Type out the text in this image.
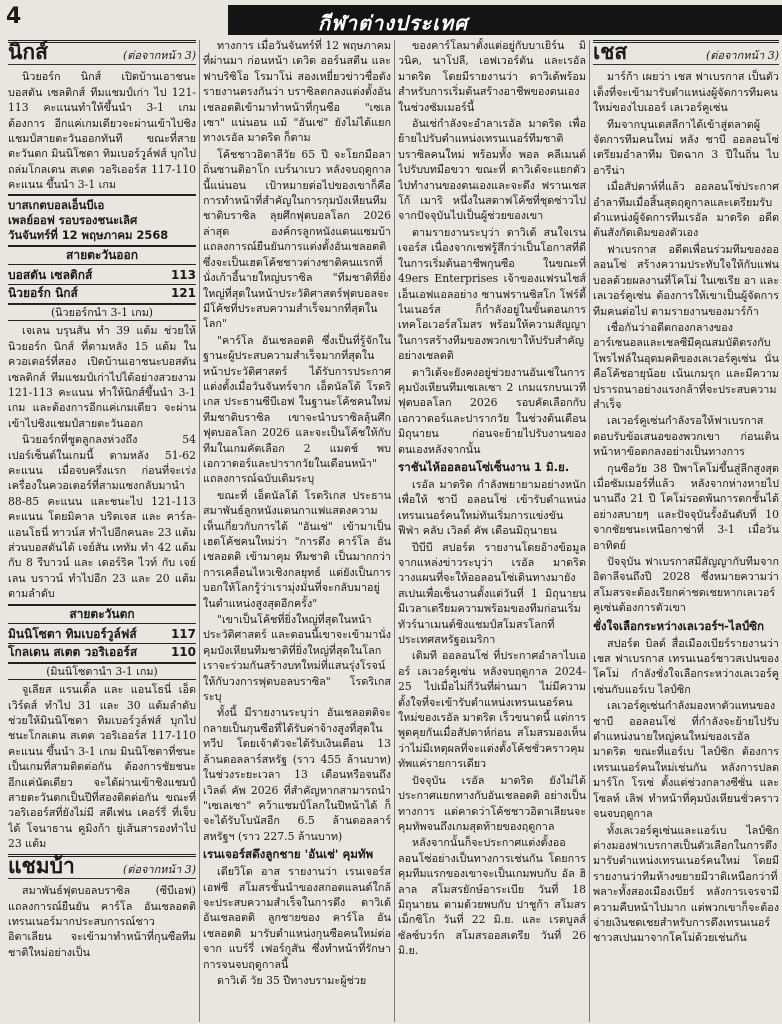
4	กีฬาต่างประเทศ
นิกส์	(ต่อจากหน้า 3)

นิวยอร์ก นิกส์ เปิดบ้านเอาชนะบอสตัน เซลติกส์ ทีมแชมป์เก่า ไป 121-113 คะแนนทำให้ขึ้นนำ 3-1 เกมต้องการ อีกแค่เกมเดียวจะผ่านเข้าไปชิงแชมป์สายตะวันออกทันที ขณะที่สายตะวันตก มินนิโซตา ทิมเบอร์วูล์ฟส์ บุกไปถล่มโกลเดน สเตต วอริเออร์ส 117-110 คะแนน ขึ้นนำ 3-1 เกม

บาสเกตบอลเอ็นบีเอ
เพลย์ออฟ รอบรองชนะเลิศ
วันจันทร์ที่ 12 พฤษภาคม 2568
สายตะวันออก
บอสตัน เซลติกส์	113
นิวยอร์ก นิกส์	121
(นิวยอร์กนำ 3-1 เกม)

เจเลน บรุนสัน ทำ 39 แต้ม ช่วยให้นิวยอร์ก นิกส์ ที่ตามหลัง 15 แต้ม ในควอเตอร์ที่สอง เปิดบ้านเอาชนะบอสตัน เซลติกส์ ทีมแชมป์เก่าไปได้อย่างสวยงาม 121-113 คะแนน ทำให้นิกส์ขึ้นนำ 3-1 เกม และต้องการอีกแค่เกมเดียว จะผ่านเข้าไปชิงแชมป์สายตะวันออก

นิวยอร์กที่ชูตลูกลงห่วงถึง 54 เปอร์เซ็นต์ในเกมนี้ ตามหลัง 51-62 คะแนน เมื่อจบครึ่งแรก ก่อนที่จะเร่งเครื่องในควอเตอร์ที่สามแซงกลับมานำ 88-85 คะแนน และชนะไป 121-113 คะแนน โดยมิคาล บริดเจส และ คาร์ล-แอนโธนี่ ทาวน์ส ทำไปอีกคนละ 23 แต้ม ส่วนบอสตันได้ เจย์สัน เททัม ทำ 42 แต้ม กับ 8 รีบาวน์ และ เดอร์ริค ไวท์ กับ เจย์เลน บราวน์ ทำไปอีก 23 และ 20 แต้ม ตามลำดับ

สายตะวันตก
มินนิโซตา ทิมเบอร์วูล์ฟส์	117
โกลเดน สเตต วอริเออร์ส	110
(มินนิโซตานำ 3-1 เกม)

จูเลียส แรนเดิ้ล และ แอนโธนี่ เอ็ดเวิร์ดส์ ทำไป 31 และ 30 แต้มลำดับ ช่วยให้มินนิโซตา ทิมเบอร์วูล์ฟส์ บุกไปชนะโกลเดน สเตต วอริเออร์ส 117-110 คะแนน ขึ้นนำ 3-1 เกม มินนิโซตาที่ชนะเป็นเกมที่สามติดต่อกัน ต้องการชัยชนะอีกแค่นัดเดียว จะได้ผ่านเข้าชิงแชมป์สายตะวันตกเป็นปีที่สองติดต่อกัน ขณะที่วอริเออร์สที่ยังไม่มี สตีเฟน เคอร์รี่ ที่เจ็บ ได้ โจนาธาน คูมิงก้า ยู่เส้นสารองทำไป 23 แต้ม

แชมบ้า	(ต่อจากหน้า 3)

สมาพันธ์ฟุตบอลบราซิล (ซีบีเอฟ) แถลงการณ์ยืนยัน คาร์โล อันเชลอตติ เทรนเนอร์มากประสบการณ์ชาวอิตาเลียน จะเข้ามาทำหน้าที่กุนซือทีมชาติใหม่อย่างเป็น

ทางการ เมื่อวันจันทร์ที่ 12 พฤษภาคมที่ผ่านมา ก่อนหน้า เดวิด ออร์นสตีน และ ฟาบริซิโอ โรมาโน่ สองเหยี่ยวข่าวชื่อดังรายงานตรงกันว่า บราซิลตกลงแต่งตั้งอันเชลอตติเข้ามาทำหน้าที่กุนซือ "เซเลเซา" แน่นอน แม้ "อันเช่" ยังไม่ได้แยกทางเรอัล มาดริด ก็ตาม

โค้ชชาวอิตาลีวัย 65 ปี จะโยกมือลาถิ่นซานติอาโก เบร์นาเบว หลังจบฤดูกาลนี้แน่นอน เป้าหมายต่อไปของเขาก็คือการทำหน้าที่สำคัญในการกุมบังเหียนทีมชาติบราซิล ลุยศึกฟุตบอลโลก 2026 ล่าสุด องค์กรลูกหนังแดนแซมบ้าแถลงการณ์ยืนยันการแต่งตั้งอันเชลอตติ ซึ่งจะเป็นเฮดโค้ชชาวต่างชาติคนแรกที่นั่งเก้าอี้นายใหญ่บราซิล "ทีมชาติที่ยิ่งใหญ่ที่สุดในหน้าประวัติศาสตร์ฟุตบอลจะมีโค้ชที่ประสบความสำเร็จมากที่สุดในโลก"

"คาร์โล อันเชลอตติ ซึ่งเป็นที่รู้จักในฐานะผู้ประสบความสำเร็จมากที่สุดในหน้าประวัติศาสตร์ ได้รับการประกาศแต่งตั้งเมื่อวันจันทร์จาก เอ็ดนัลโด้ โรดริเกส ประธานซีบีเอฟ ในฐานะโค้ชคนใหม่ทีมชาติบราซิล เขาจะนำบราซิลลุ้นศึกฟุตบอลโลก 2026 และจะเป็นโค้ชให้กับทีมในเกมคัดเลือก 2 แมตช์ พบเอกวาดอร์และปารากวัยในเดือนหน้า" แถลงการณ์ฉบับเดิมระบุ

ขณะที่ เอ็ดนัลโด้ โรดริเกส ประธานสมาพันธ์ลูกหนังแดนกาแฟแสดงความเห็นเกี่ยวกับการได้ "อันเช่" เข้ามาเป็นเฮดโค้ชคนใหม่ว่า "การดึง คาร์โล อันเชลอตติ เข้ามาคุม ทีมชาติ เป็นมากกว่าการเคลื่อนไหวเชิงกลยุทธ์ แต่ยังเป็นการบอกให้โลกรู้ว่าเรามุ่งมั่นที่จะกลับมาอยู่ในตำแหน่งสูงสุดอีกครั้ง"

"เขาเป็นโค้ชที่ยิ่งใหญ่ที่สุดในหน้าประวัติศาสตร์ และตอนนี้เขาจะเข้ามานั่งคุมบังเหียนทีมชาติที่ยิ่งใหญ่ที่สุดในโลก เราจะร่วมกันสร้างบทใหม่ที่แสนรุ่งโรจน์ให้กับวงการฟุตบอลบราซิล" โรดริเกสระบุ

ทั้งนี้ มีรายงานระบุว่า อันเชลอตติจะกลายเป็นกุนซือที่ได้รับค่าจ้างสูงที่สุดในทวีป โดยเจ้าตัวจะได้รับเงินเดือน 13 ล้านดอลลาร์สหรัฐ (ราว 455 ล้านบาท) ในช่วงระยะเวลา 13 เดือนหรือจนถึงเวิลด์ คัพ 2026 ที่สำคัญหากสามารถนำ "เซเลเซา" คว้าแชมป์โลกในปีหน้าได้ ก็จะได้รับโบนัสอีก 6.5 ล้านดอลลาร์สหรัฐฯ (ราว 227.5 ล้านบาท)

เรนเจอร์สดึงลูกชาย 'อันเช่' คุมทัพ

เดียวิโด อาส รายงานว่า เรนเจอร์ส เอฟซี สโมสรชั้นนำของสกอตแลนด์ใกล้จะประสบความสำเร็จในการดึง ดาวิเด้ อันเชลอตติ ลูกชายของ คาร์โล อันเชลอตติ มารับตำแหน่งกุนซือคนใหม่ต่อจาก แบร์รี่ เฟอร์กูสัน ซึ่งทำหน้าที่รักษาการจนจบฤดูกาลนี้

ดาวิเด้ วัย 35 ปีทางบรามะผู้ช่วย

ของคาร์โลมาตั้งแต่อยู่กับบาเยิร์น มิวนิค, นาโปลี, เอฟเวอร์ตัน และเรอัล มาดริด โดยมีรายงานว่า ดาวิเด้พร้อมสำหรับการเริ่มต้นสร้างอาชีพของตนเองในช่วงซัมเมอร์นี้

อันเช่กำลังจะอำลาเรอัล มาดริด เพื่อย้ายไปรับตำแหน่งเทรนเนอร์ทีมชาติบราซิลคนใหม่ พร้อมทั้ง พอล คลีเมนต์ ไปรับบทมือขวา ขณะที่ ดาวิเด้จะแยกตัวไปทำงานของตนเองและจะดึง ฟรานเชสโก้ เมาริ หนึ่งในสตาฟโค้ชที่ชุดซ่าวไปจากปัจจุบันไปเป็นผู้ช่วยของเขา

ตามรายงานระบุว่า ดาวิเด้ สนใจเรนเจอร์ส เนื่องจากเชฟรู้สึกว่าเป็นโอกาสที่ดีในการเริ่มต้นอาชีพกุนซือ ในขณะที่ 49ers Enterprises เจ้าของแฟรนไชส์เอ็นเอฟแอลอย่าง ซานฟรานซิสโก โฟร์ตี้ไนเนอร์ส ก็กำลังอยู่ในขั้นตอนการเทคโอเวอร์สโมสร พร้อมให้ความสัญญาในการสร้างทีมของพวกเขาให้ปรับสำคัญอย่างเชลตติ

ดาวิเด้จะยังคงอยู่ช่วยงานอันเช่ในการคุมบังเหียนทีมเซเลเซา 2 เกมแรกบนเวทีฟุตบอลโลก 2026 รอบคัดเลือกกับเอกวาดอร์และปารากวัย ในช่วงต้นเดือนมิถุนายน ก่อนจะย้ายไปรับงานของตนเองหลังจากนั้น

ราชันไห้ออลอนโซ่เซ็นงาน 1 มิ.ย.

เรอัล มาดริด กำลังพยายามอย่างหนักเพื่อให้ ชาบี อลอนโซ่ เข้ารับตำแหน่งเทรนเนอร์คนใหม่ทันเริ่มการแข่งขัน ฟีฟ่า คลับ เวิลด์ คัพ เดือนมิถุนายน

ปีบีบี สปอร์ต รายงานโดยอ้างข้อมูลจากแหล่งข่าวระบุว่า เรอัล มาดริด วางแผนที่จะให้ออลอนโซ่เดินทางมายังสเปนเพื่อเซ็นงานตั้งแต่วันที่ 1 มิถุนายน มีเวลาเตรียมความพร้อมของทีมก่อนเริ่มทัวร์นาเมนต์ชิงแชมป์สโมสรโลกที่ประเทศสหรัฐอเมริกา

เดิมที ออลอนโซ่ ที่ประกาศอำลาไบเออร์ เลเวอร์คูเซ่น หลังจบฤดูกาล 2024-25 ไปเมื่อไม่กี่วันที่ผ่านมา ไม่มีความตั้งใจที่จะเข้ารับตำแหน่งเทรนเนอร์คนใหม่ของเรอัล มาดริด เร็วขนาดนี้ แต่การพูดคุยกันเมื่อสัปดาห์ก่อน สโมสรมองเห็นว่าไม่มีเหตุผลที่จะแต่งตั้งโค้ชชั่วคราวคุมทัพแค่รายการเดียว

ปัจจุบัน เรอัล มาดริด ยังไม่ได้ประกาศแยกทางกับอันเชลอตติ อย่างเป็นทางการ แต่คาดว่าโค้ชชาวอิตาเลียนจะคุมทัพจนถึงเกมสุดท้ายของฤดูกาล

หลังจากนั้นก็จะประกาศแต่งตั้งออลอนโซ่อย่างเป็นทางการเช่นกัน โดยการคุมทีมแรกของเขาจะเป็นเกมพบกับ อัล ฮิลาล สโมสรยักษ์อาระเบีย วันที่ 18 มิถุนายน ตามด้วยพบกับ ปาชูก้า สโมสรเม็กซิโก วันที่ 22 มิ.ย. และ เรดบูลส์ ซัลซ์บวร์ก สโมสรออสเตรีย วันที่ 26 มิ.ย.

เชส	(ต่อจากหน้า 3)

มาร์ก้า เผยว่า เชส ฟาเบรกาส เป็นตัวเต็งที่จะเข้ามารับตำแหน่งผู้จัดการทีมคนใหม่ของไบเออร์ เลเวอร์คูเซ่น

ทีมจากบุนเดสลีกาได้เข้าสู่ตลาดผู้จัดการทีมคนใหม่ หลัง ชาบี ออลอนโซ่ เตรียมอำลาทีม ปิดฉาก 3 ปีในถิ่น ไบ อารีน่า

เมื่อสัปดาห์ที่แล้ว ออลอนโซ่ประกาศอำลาทีมเมื่อสิ้นสุดฤดูกาลและเตรียมรับตำแหน่งผู้จัดการทีมเรอัล มาดริด อดีตต้นสังกัดเดิมของตัวเอง

ฟาเบรกาส อดีตเพื่อนร่วมทีมของออลอนโซ่ สร้างความประทับใจให้กับแฟนบอลด้วยผลงานที่โคโม่ ในเซเรีย อา และเลเวอร์คูเซ่น ต้องการให้เขาเป็นผู้จัดการทีมคนต่อไป ตามรายงานของมาร์ก้า

เชื่อกันว่าอดีตกองกลางของอาร์เซนอลและเชลซีมีคุณสมบัติตรงกับโพรไฟล์ในอุดมคติของเลเวอร์คูเซ่น นั่นคือโค้ชอายุน้อย เน้นเกมรุก และมีความปรารถนาอย่างแรงกล้าที่จะประสบความสำเร็จ

เลเวอร์คูเซ่นกำลังรอให้ฟาเบรกาสตอบรับข้อเสนอของพวกเขา ก่อนเดินหน้าหาข้อตกลงอย่างเป็นทางการ

กุนซือวัย 38 ปีพาโคโม่ขึ้นสู่ลีกสูงสุดเมื่อซัมเมอร์ที่แล้ว หลังจากห่างหายไปนานถึง 21 ปี โคโม่รอดพ้นการตกชั้นได้อย่างสบายๆ และปัจจุบันรั้งอันดับที่ 10 จากชัยชนะเหนือกาซ่าที่ 3-1 เมื่อวันอาทิตย์

ปัจจุบัน ฟาเบรกาสมีสัญญากับทีมจากอิตาลีจนถึงปี 2028 ซึ่งหมายความว่าสโมสรจะต้องเรียกค่าชดเชยหากเลเวอร์คูเซ่นต้องการตัวเขา

ชั่งใจเลือกระหว่างเลเวอร์ฯ-ไลป์ซิก

สปอร์ต บิลด์ สื่อเมืองเบียร์รายงานว่า เชส ฟาเบรกาส เทรนเนอร์ชาวสเปนของโคโม่ กำลังชั่งใจเลือกระหว่างเลเวอร์คูเซ่นกับแอร์เบ ไลป์ซิก

เลเวอร์คูเซ่นกำลังมองหาตัวแทนของ ชาบี ออลอนโซ่ ที่กำลังจะย้ายไปรับตำแหน่งนายใหญ่คนใหม่ของเรอัล มาดริด ขณะที่แอร์เบ ไลป์ซิก ต้องการเทรนเนอร์คนใหม่เช่นกัน หลังการปลด มาร์โก โรเซ่ ตั้งแต่ช่วงกลางซีซั่น และ โซลท์ เลิฟ ทำหน้าที่คุมบังเหียนชั่วคราวจนจบฤดูกาล

ทั้งเลเวอร์คูเซ่นและแอร์เบ ไลป์ซิก ต่างมองฟาเบรกาสเป็นตัวเลือกในการดึงมารับตำแหน่งเทรนเนอร์คนใหม่ โดยมีรายงานว่าทีมห้างขยายมีวาดิเหนือกว่าที่พลาะทั้งสองเมืองเบียร์ หลังการเจรจามีความคืบหน้าไปมาก แต่พวกเขาก็จะต้องจ่ายเงินชดเชยสำหรับการดึงเทรนเนอร์ชาวสเปนมาจากโคโม่ด้วยเช่นกัน
